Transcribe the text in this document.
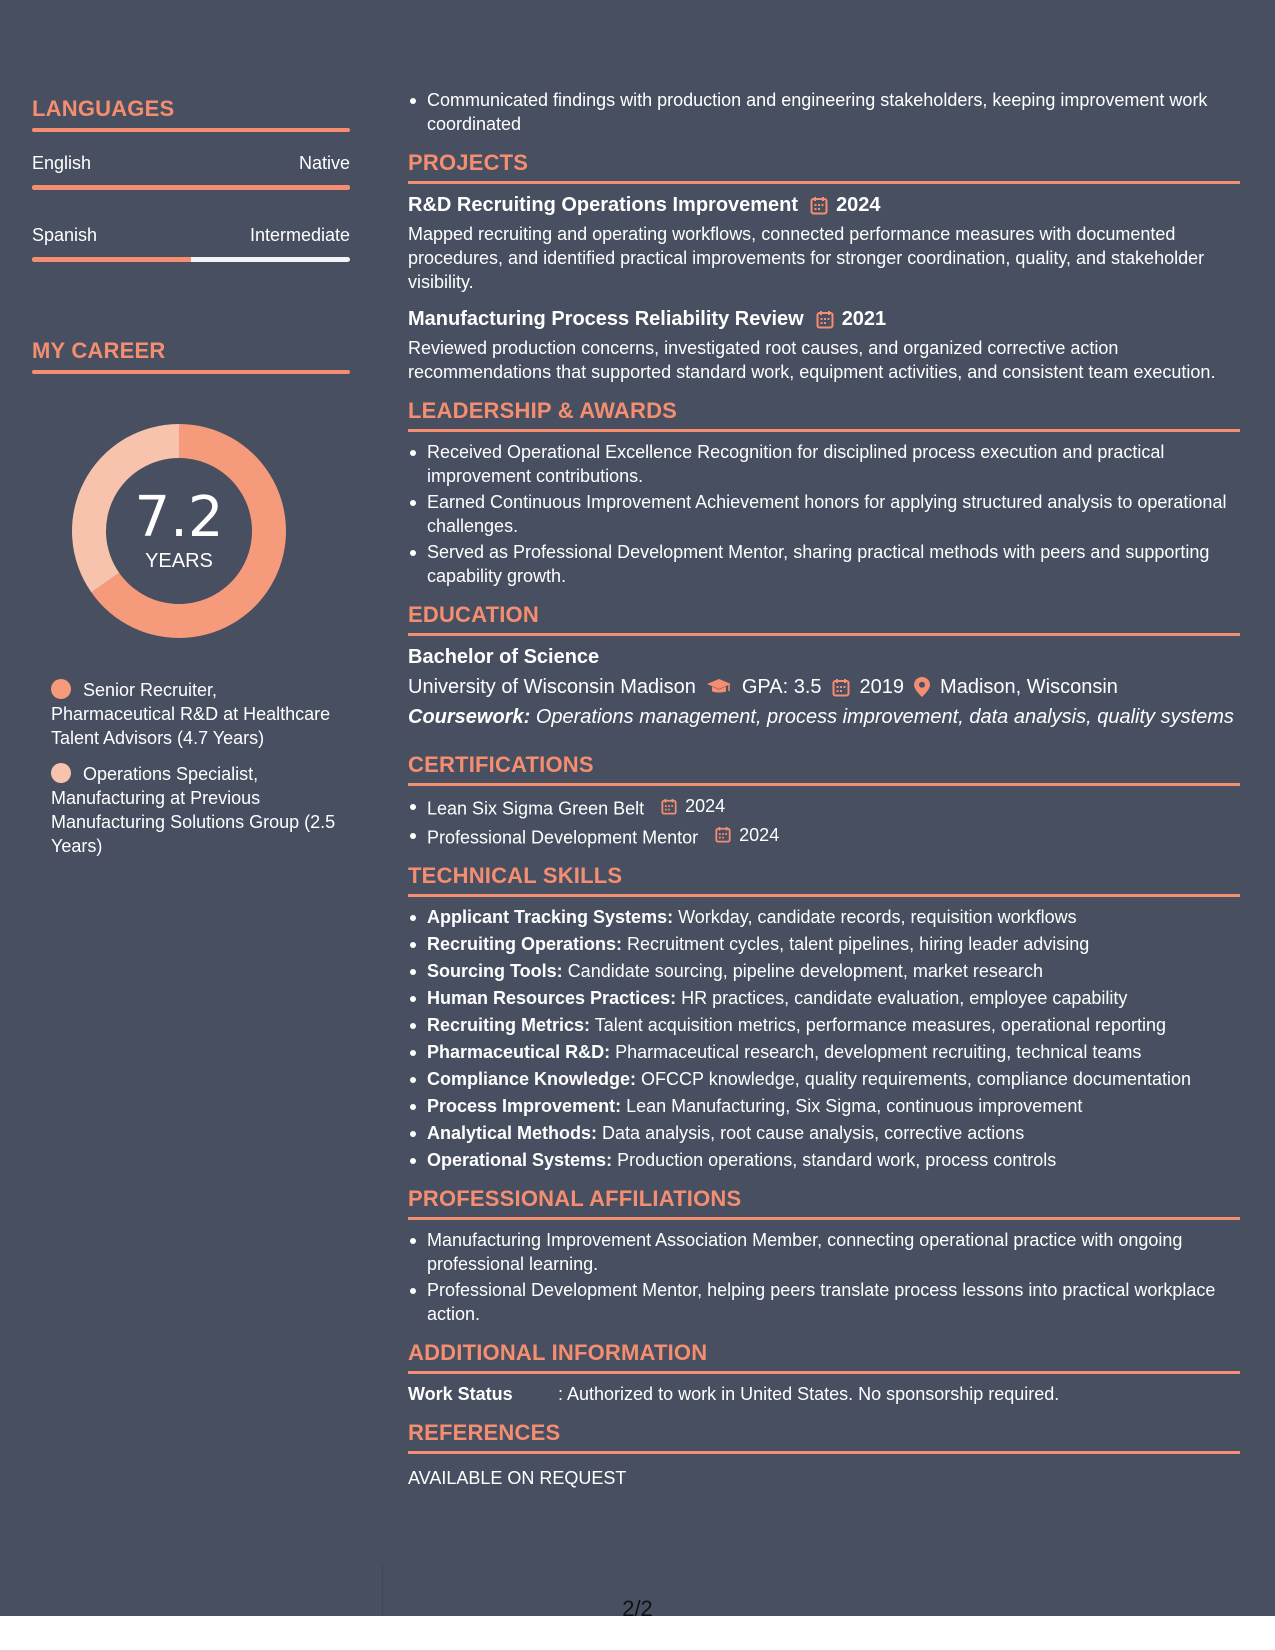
LANGUAGES
English	Native
Spanish	Intermediate
MY CAREER
7.2
YEARS
Senior Recruiter, Pharmaceutical R&D at Healthcare Talent Advisors (4.7 Years)
Operations Specialist, Manufacturing at Previous Manufacturing Solutions Group (2.5 Years)
Communicated findings with production and engineering stakeholders, keeping improvement work coordinated
PROJECTS
R&D Recruiting Operations Improvement 2024
Mapped recruiting and operating workflows, connected performance measures with documented procedures, and identified practical improvements for stronger coordination, quality, and stakeholder visibility.
Manufacturing Process Reliability Review 2021
Reviewed production concerns, investigated root causes, and organized corrective action recommendations that supported standard work, equipment activities, and consistent team execution.
LEADERSHIP & AWARDS
Received Operational Excellence Recognition for disciplined process execution and practical improvement contributions.
Earned Continuous Improvement Achievement honors for applying structured analysis to operational challenges.
Served as Professional Development Mentor, sharing practical methods with peers and supporting capability growth.
EDUCATION
Bachelor of Science
University of Wisconsin Madison GPA: 3.5 2019 Madison, Wisconsin
Coursework: Operations management, process improvement, data analysis, quality systems
CERTIFICATIONS
Lean Six Sigma Green Belt 2024
Professional Development Mentor 2024
TECHNICAL SKILLS
Applicant Tracking Systems: Workday, candidate records, requisition workflows
Recruiting Operations: Recruitment cycles, talent pipelines, hiring leader advising
Sourcing Tools: Candidate sourcing, pipeline development, market research
Human Resources Practices: HR practices, candidate evaluation, employee capability
Recruiting Metrics: Talent acquisition metrics, performance measures, operational reporting
Pharmaceutical R&D: Pharmaceutical research, development recruiting, technical teams
Compliance Knowledge: OFCCP knowledge, quality requirements, compliance documentation
Process Improvement: Lean Manufacturing, Six Sigma, continuous improvement
Analytical Methods: Data analysis, root cause analysis, corrective actions
Operational Systems: Production operations, standard work, process controls
PROFESSIONAL AFFILIATIONS
Manufacturing Improvement Association Member, connecting operational practice with ongoing professional learning.
Professional Development Mentor, helping peers translate process lessons into practical workplace action.
ADDITIONAL INFORMATION
Work Status	: Authorized to work in United States. No sponsorship required.
REFERENCES
AVAILABLE ON REQUEST
2/2
